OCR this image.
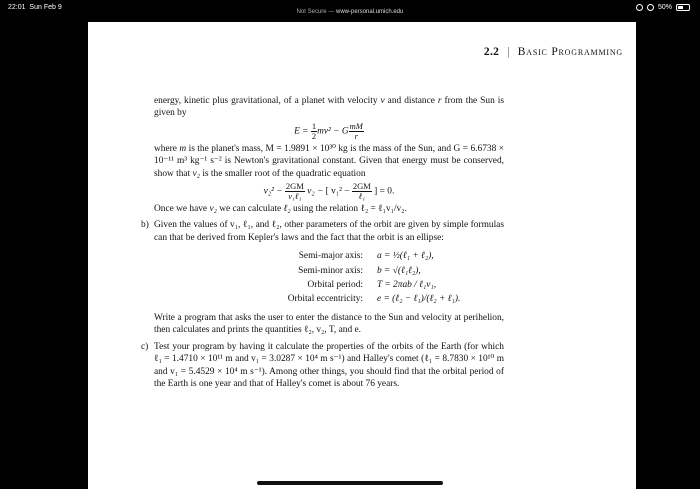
22:01 Sun Feb 9	50%
Not Secure — www-personal.umich.edu
2.2 | Basic Programming

energy, kinetic plus gravitational, of a planet with velocity v and distance r from the Sun is given by

$E = \frac{1}{2} mv^2 - G \frac{mM}{r}$

where m is the planet's mass, M = 1.9891 × 10³⁰ kg is the mass of the Sun, and G = 6.6738 × 10⁻¹¹ m³ kg⁻¹ s⁻² is Newton's gravitational constant. Given that energy must be conserved, show that v₂ is the smaller root of the quadratic equation

$v_2^2 - \frac{2GM}{\text{v₁ℓ₁}} v_2$ − [ $v_1^2 - \frac{2GM}{\text{ℓ₁}}$ ] = 0.

Once we have v₂ we can calculate ℓ₂ using the relation ℓ₂ = ℓ₁v₁/v₂.

b) Given the values of v₁, ℓ₁, and ℓ₂, other parameters of the orbit are given by simple formulas can that be derived from Kepler's laws and the fact that the orbit is an ellipse:

Semi-major axis:	a = ½(ℓ₁ + ℓ₂),
Semi-minor axis:	b = √(ℓ₁ℓ₂),
Orbital period:	T = 2πab / ℓ₁v₁,
Orbital eccentricity:	e = (ℓ₂ − ℓ₁)/(ℓ₂ + ℓ₁).

Write a program that asks the user to enter the distance to the Sun and velocity at perihelion, then calculates and prints the quantities ℓ₂, v₂, T, and e.

c) Test your program by having it calculate the properties of the orbits of the Earth (for which ℓ₁ = 1.4710 × 10¹¹ m and v₁ = 3.0287 × 10⁴ m s⁻¹) and Halley's comet (ℓ₁ = 8.7830 × 10¹⁰ m and v₁ = 5.4529 × 10⁴ m s⁻¹). Among other things, you should find that the orbital period of the Earth is one year and that of Halley's comet is about 76 years.
